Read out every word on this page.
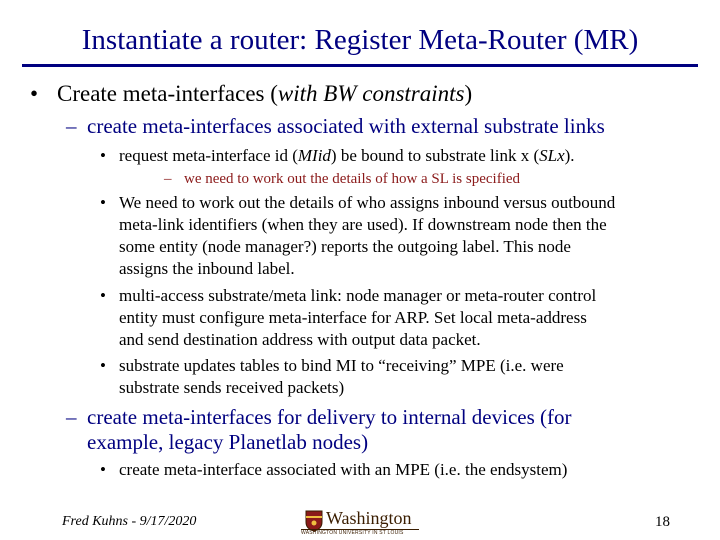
Instantiate a router: Register Meta-Router (MR)
• Create meta-interfaces (with BW constraints)
– create meta-interfaces associated with external substrate links
• request meta-interface id (MIid) be bound to substrate link x (SLx).
– we need to work out the details of how a SL is specified
• We need to work out the details of who assigns inbound versus outbound
meta-link identifiers (when they are used). If downstream node then the
some entity (node manager?) reports the outgoing label. This node
assigns the inbound label.
• multi-access substrate/meta link: node manager or meta-router control
entity must configure meta-interface for ARP. Set local meta-address
and send destination address with output data packet.
• substrate updates tables to bind MI to “receiving” MPE (i.e. were
substrate sends received packets)
– create meta-interfaces for delivery to internal devices (for
example, legacy Planetlab nodes)
• create meta-interface associated with an MPE (i.e. the endsystem)
Fred Kuhns - 9/17/2020	Washington
WASHINGTON UNIVERSITY IN ST LOUIS
18
